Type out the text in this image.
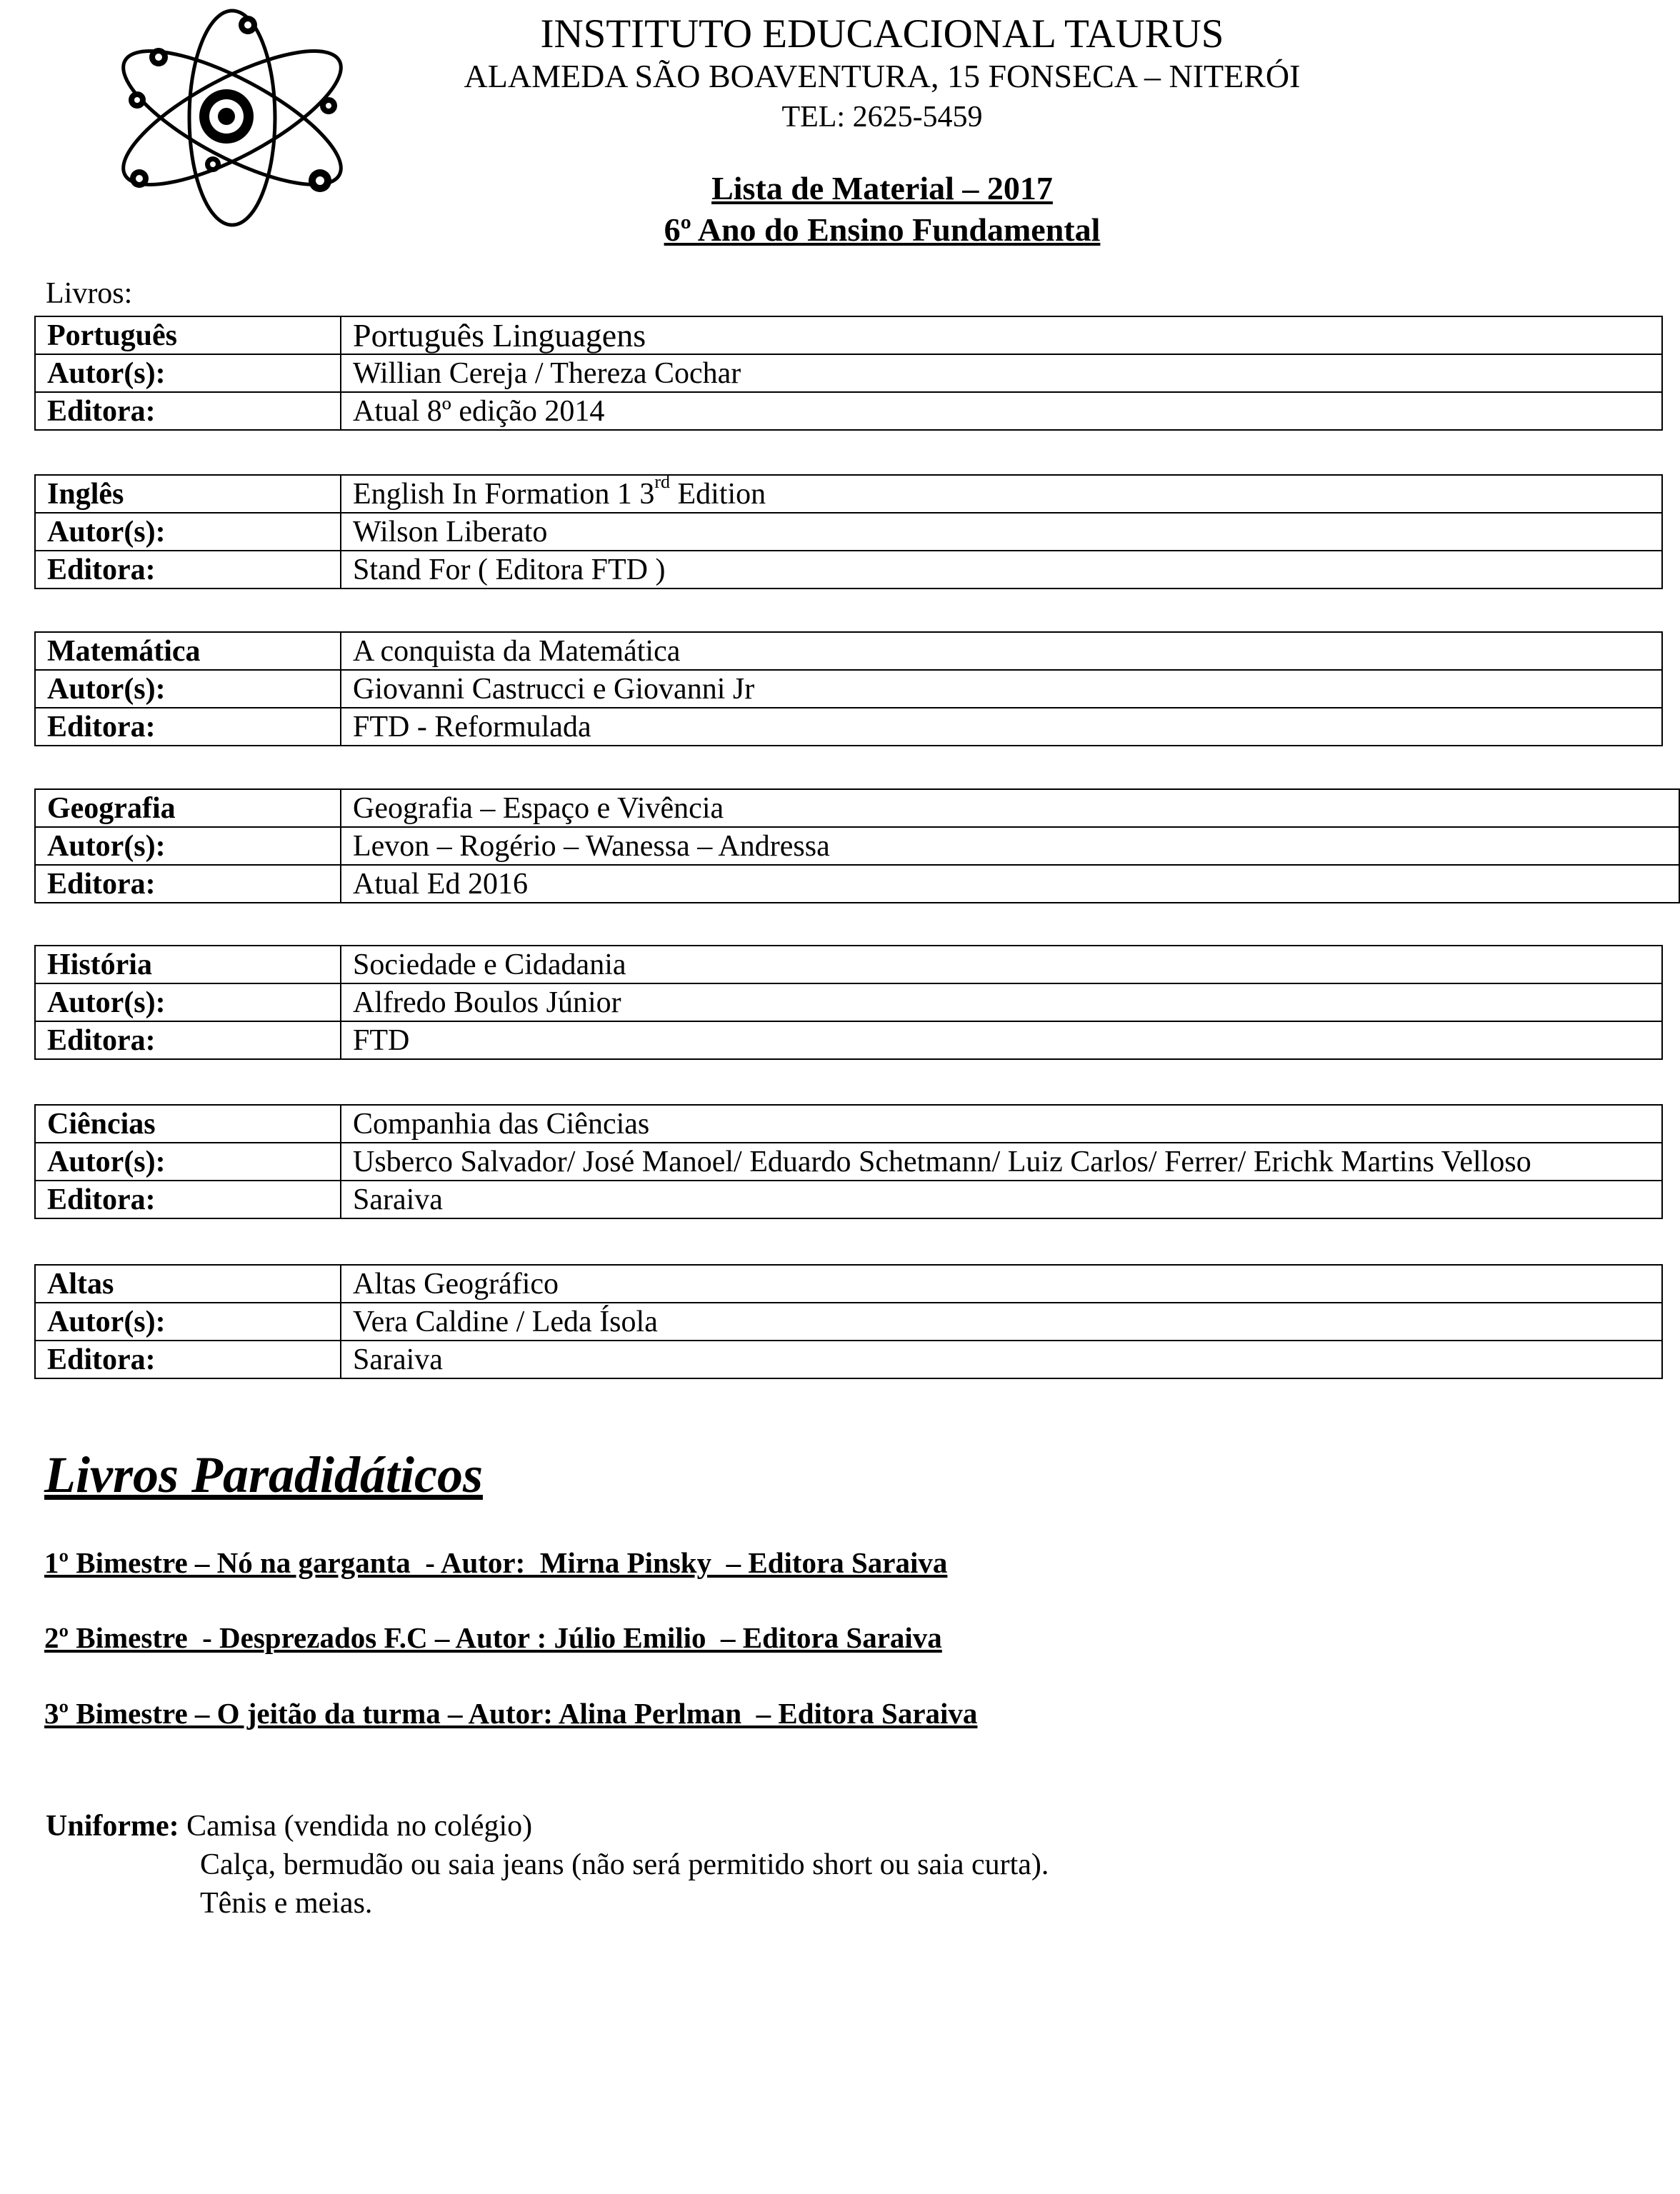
INSTITUTO EDUCACIONAL TAURUS
ALAMEDA SÃO BOAVENTURA, 15 FONSECA – NITERÓI
TEL: 2625-5459
Lista de Material – 2017
6º Ano do Ensino Fundamental
Livros:
Português	Português Linguagens
Autor(s):	Willian Cereja / Thereza Cochar
Editora:	Atual 8º edição 2014
Inglês	English In Formation 1 3rd Edition
Autor(s):	Wilson Liberato
Editora:	Stand For ( Editora FTD )
Matemática	A conquista da Matemática
Autor(s):	Giovanni Castrucci e Giovanni Jr
Editora:	FTD - Reformulada
Geografia	Geografia – Espaço e Vivência
Autor(s):	Levon – Rogério – Wanessa – Andressa
Editora:	Atual Ed 2016
História	Sociedade e Cidadania
Autor(s):	Alfredo Boulos Júnior
Editora:	FTD
Ciências	Companhia das Ciências
Autor(s):	Usberco Salvador/ José Manoel/ Eduardo Schetmann/ Luiz Carlos/ Ferrer/ Erichk Martins Velloso
Editora:	Saraiva
Altas	Altas Geográfico
Autor(s):	Vera Caldine / Leda Ísola
Editora:	Saraiva
Livros Paradidáticos
1º Bimestre – Nó na garganta  - Autor:  Mirna Pinsky  – Editora Saraiva
2º Bimestre  - Desprezados F.C – Autor : Júlio Emilio  – Editora Saraiva
3º Bimestre – O jeitão da turma – Autor: Alina Perlman  – Editora Saraiva
Uniforme: Camisa (vendida no colégio)
Calça, bermudão ou saia jeans (não será permitido short ou saia curta).
Tênis e meias.
